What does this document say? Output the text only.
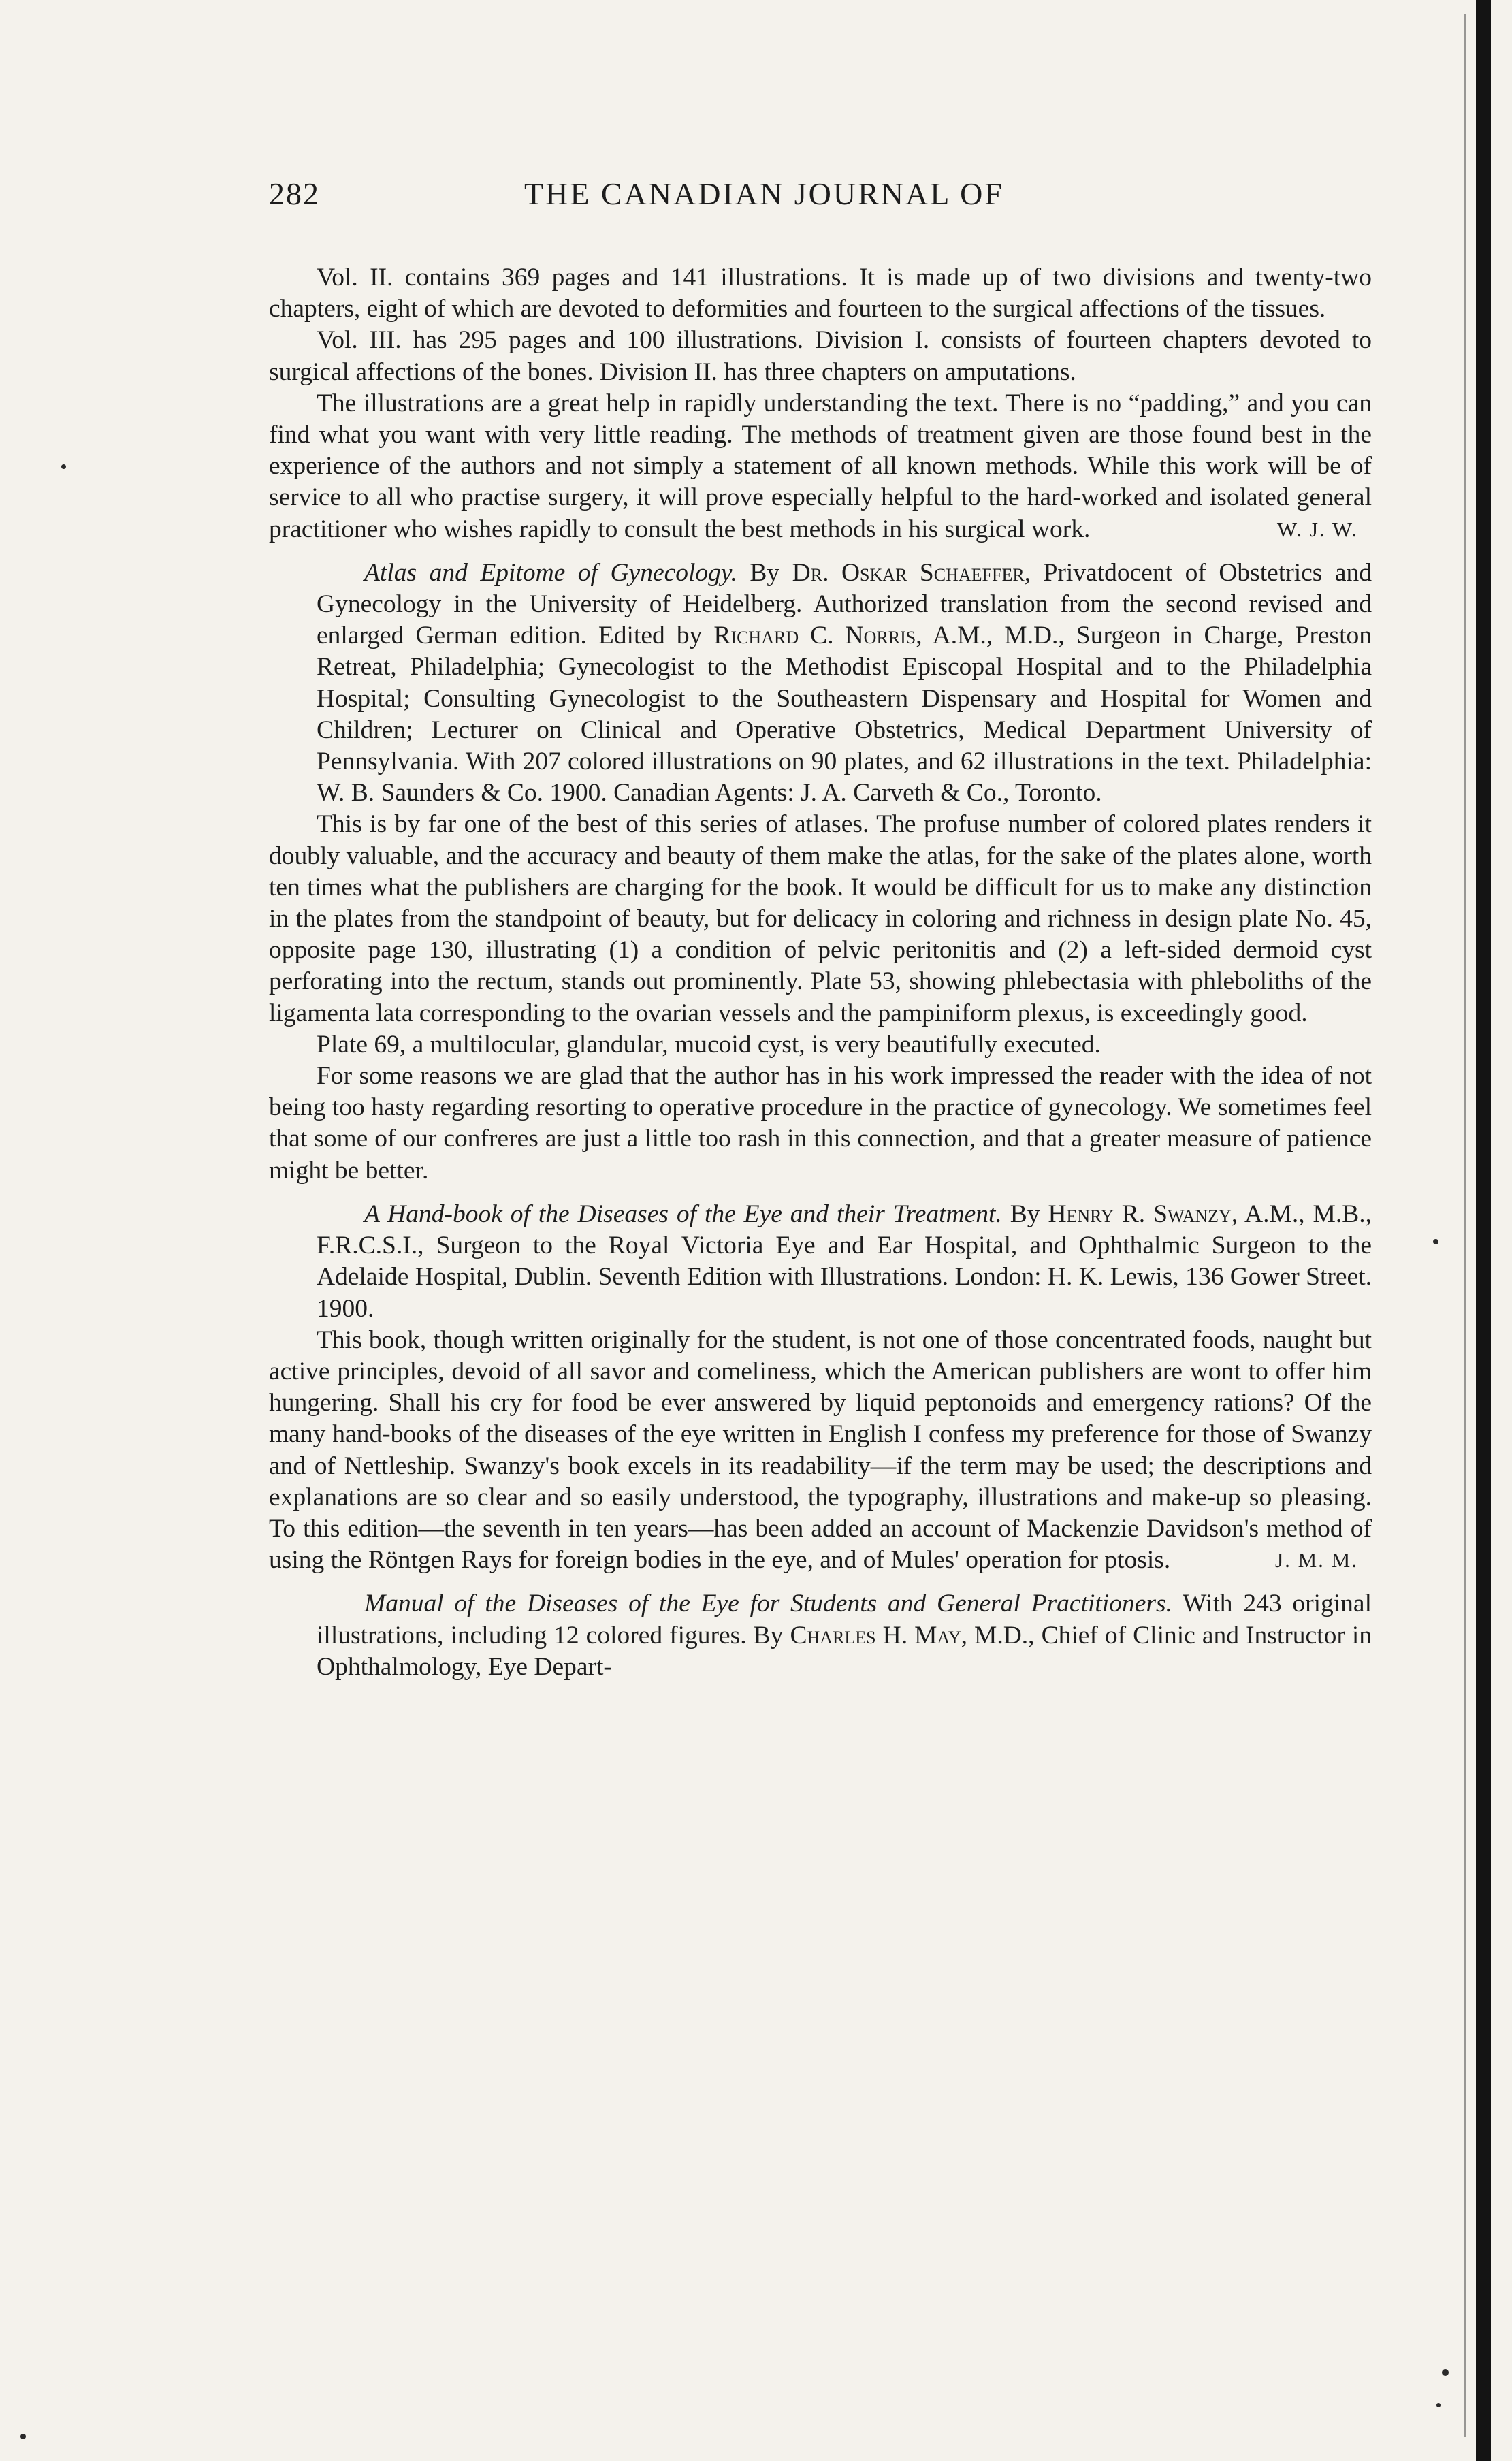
282	THE CANADIAN JOURNAL OF

Vol. II. contains 369 pages and 141 illustrations. It is made up of two divisions and twenty-two chapters, eight of which are devoted to deformities and fourteen to the surgical affections of the tissues.

Vol. III. has 295 pages and 100 illustrations. Division I. consists of fourteen chapters devoted to surgical affections of the bones. Division II. has three chapters on amputations.

The illustrations are a great help in rapidly understanding the text. There is no “padding,” and you can find what you want with very little reading. The methods of treatment given are those found best in the experience of the authors and not simply a statement of all known methods. While this work will be of service to all who practise surgery, it will prove especially helpful to the hard-worked and isolated general practitioner who wishes rapidly to consult the best methods in his surgical work.	W. J. W.

Atlas and Epitome of Gynecology. By Dr. Oskar Schaeffer, Privatdocent of Obstetrics and Gynecology in the University of Heidelberg. Authorized translation from the second revised and enlarged German edition. Edited by Richard C. Norris, A.M., M.D., Surgeon in Charge, Preston Retreat, Philadelphia; Gynecologist to the Methodist Episcopal Hospital and to the Philadelphia Hospital; Consulting Gynecologist to the Southeastern Dispensary and Hospital for Women and Children; Lecturer on Clinical and Operative Obstetrics, Medical Department University of Pennsylvania. With 207 colored illustrations on 90 plates, and 62 illustrations in the text. Philadelphia: W. B. Saunders & Co. 1900. Canadian Agents: J. A. Carveth & Co., Toronto.

This is by far one of the best of this series of atlases. The profuse number of colored plates renders it doubly valuable, and the accuracy and beauty of them make the atlas, for the sake of the plates alone, worth ten times what the publishers are charging for the book. It would be difficult for us to make any distinction in the plates from the standpoint of beauty, but for delicacy in coloring and richness in design plate No. 45, opposite page 130, illustrating (1) a condition of pelvic peritonitis and (2) a left-sided dermoid cyst perforating into the rectum, stands out prominently. Plate 53, showing phlebectasia with phleboliths of the ligamenta lata corresponding to the ovarian vessels and the pampiniform plexus, is exceedingly good.

Plate 69, a multilocular, glandular, mucoid cyst, is very beautifully executed.

For some reasons we are glad that the author has in his work impressed the reader with the idea of not being too hasty regarding resorting to operative procedure in the practice of gynecology. We sometimes feel that some of our confreres are just a little too rash in this connection, and that a greater measure of patience might be better.

A Hand-book of the Diseases of the Eye and their Treatment. By Henry R. Swanzy, A.M., M.B., F.R.C.S.I., Surgeon to the Royal Victoria Eye and Ear Hospital, and Ophthalmic Surgeon to the Adelaide Hospital, Dublin. Seventh Edition with Illustrations. London: H. K. Lewis, 136 Gower Street. 1900.

This book, though written originally for the student, is not one of those concentrated foods, naught but active principles, devoid of all savor and comeliness, which the American publishers are wont to offer him hungering. Shall his cry for food be ever answered by liquid peptonoids and emergency rations? Of the many hand-books of the diseases of the eye written in English I confess my preference for those of Swanzy and of Nettleship. Swanzy's book excels in its readability—if the term may be used; the descriptions and explanations are so clear and so easily understood, the typography, illustrations and make-up so pleasing. To this edition—the seventh in ten years—has been added an account of Mackenzie Davidson's method of using the Röntgen Rays for foreign bodies in the eye, and of Mules' operation for ptosis.	J. M. M.

Manual of the Diseases of the Eye for Students and General Practitioners. With 243 original illustrations, including 12 colored figures. By Charles H. May, M.D., Chief of Clinic and Instructor in Ophthalmology, Eye Depart-
